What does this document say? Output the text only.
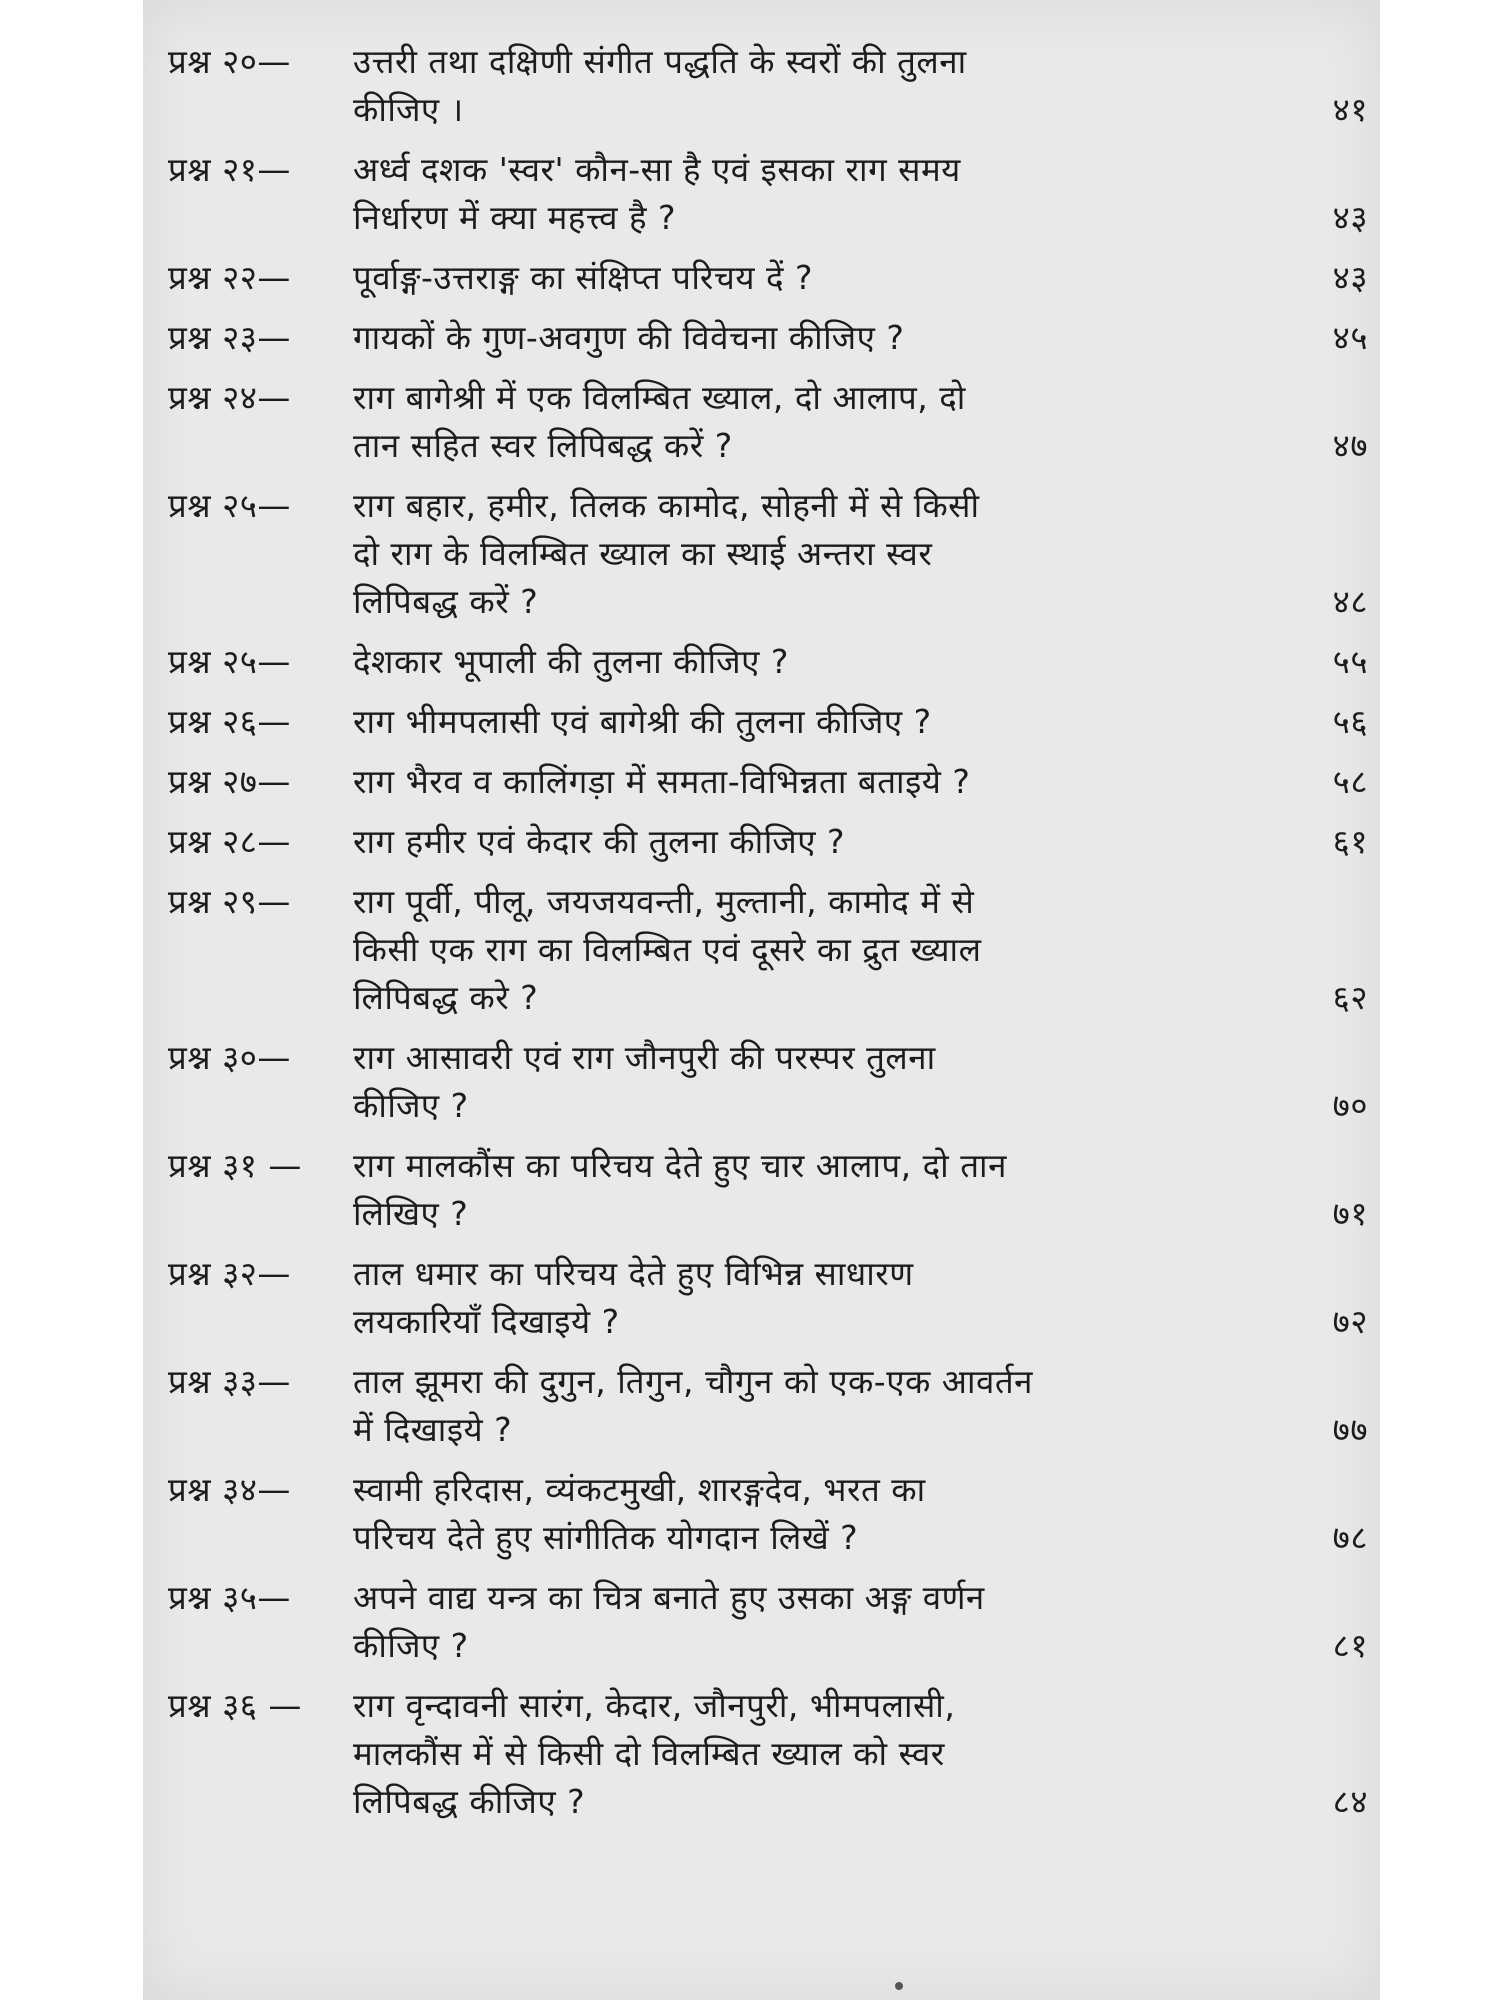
प्रश्न २०—	उत्तरी तथा दक्षिणी संगीत पद्धति के स्वरों की तुलना
कीजिए ।	४१
प्रश्न २१—	अर्ध्व दशक 'स्वर' कौन-सा है एवं इसका राग समय
निर्धारण में क्या महत्त्व है ?	४३
प्रश्न २२—	पूर्वाङ्ग-उत्तराङ्ग का संक्षिप्त परिचय दें ?	४३
प्रश्न २३—	गायकों के गुण-अवगुण की विवेचना कीजिए ?	४५
प्रश्न २४—	राग बागेश्री में एक विलम्बित ख्याल, दो आलाप, दो
तान सहित स्वर लिपिबद्ध करें ?	४७
प्रश्न २५—	राग बहार, हमीर, तिलक कामोद, सोहनी में से किसी
दो राग के विलम्बित ख्याल का स्थाई अन्तरा स्वर
लिपिबद्ध करें ?	४८
प्रश्न २५—	देशकार भूपाली की तुलना कीजिए ?	५५
प्रश्न २६—	राग भीमपलासी एवं बागेश्री की तुलना कीजिए ?	५६
प्रश्न २७—	राग भैरव व कालिंगड़ा में समता-विभिन्नता बताइये ?	५८
प्रश्न २८—	राग हमीर एवं केदार की तुलना कीजिए ?	६१
प्रश्न २९—	राग पूर्वी, पीलू, जयजयवन्ती, मुल्तानी, कामोद में से
किसी एक राग का विलम्बित एवं दूसरे का द्रुत ख्याल
लिपिबद्ध करे ?	६२
प्रश्न ३०—	राग आसावरी एवं राग जौनपुरी की परस्पर तुलना
कीजिए ?	७०
प्रश्न ३१ —	राग मालकौंस का परिचय देते हुए चार आलाप, दो तान
लिखिए ?	७१
प्रश्न ३२—	ताल धमार का परिचय देते हुए विभिन्न साधारण
लयकारियाँ दिखाइये ?	७२
प्रश्न ३३—	ताल झूमरा की दुगुन, तिगुन, चौगुन को एक-एक आवर्तन
में दिखाइये ?	७७
प्रश्न ३४—	स्वामी हरिदास, व्यंकटमुखी, शारङ्गदेव, भरत का
परिचय देते हुए सांगीतिक योगदान लिखें ?	७८
प्रश्न ३५—	अपने वाद्य यन्त्र का चित्र बनाते हुए उसका अङ्ग वर्णन
कीजिए ?	८१
प्रश्न ३६ —	राग वृन्दावनी सारंग, केदार, जौनपुरी, भीमपलासी,
मालकौंस में से किसी दो विलम्बित ख्याल को स्वर
लिपिबद्ध कीजिए ?	८४
